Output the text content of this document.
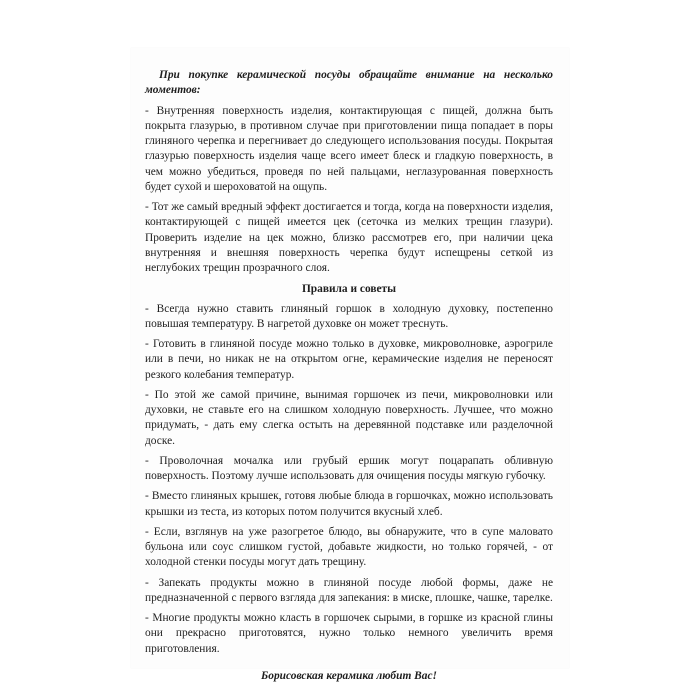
При покупке керамической посуды обращайте внимание на несколько моментов:

- Внутренняя поверхность изделия, контактирующая с пищей, должна быть покрыта глазурью, в противном случае при приготовлении пища попадает в поры глиняного черепка и перегнивает до следующего использования посуды. Покрытая глазурью поверхность изделия чаще всего имеет блеск и гладкую поверхность, в чем можно убедиться, проведя по ней пальцами, неглазурованная поверхность будет сухой и шероховатой на ощупь.

- Тот же самый вредный эффект достигается и тогда, когда на поверхности изделия, контактирующей с пищей имеется цек (сеточка из мелких трещин глазури). Проверить изделие на цек можно, близко рассмотрев его, при наличии цека внутренняя и внешняя поверхность черепка будут испещрены сеткой из неглубоких трещин прозрачного слоя.

Правила и советы

- Всегда нужно ставить глиняный горшок в холодную духовку, постепенно повышая температуру. В нагретой духовке он может треснуть.

- Готовить в глиняной посуде можно только в духовке, микроволновке, аэрогриле или в печи, но никак не на открытом огне, керамические изделия не переносят резкого колебания температур.

- По этой же самой причине, вынимая горшочек из печи, микроволновки или духовки, не ставьте его на слишком холодную поверхность. Лучшее, что можно придумать, - дать ему слегка остыть на деревянной подставке или разделочной доске.

- Проволочная мочалка или грубый ершик могут поцарапать обливную поверхность. Поэтому лучше использовать для очищения посуды мягкую губочку.

- Вместо глиняных крышек, готовя любые блюда в горшочках, можно использовать крышки из теста, из которых потом получится вкусный хлеб.

- Если, взглянув на уже разогретое блюдо, вы обнаружите, что в супе маловато бульона или соус слишком густой, добавьте жидкости, но только горячей, - от холодной стенки посуды могут дать трещину.

- Запекать продукты можно в глиняной посуде любой формы, даже не предназначенной с первого взгляда для запекания: в миске, плошке, чашке, тарелке.

- Многие продукты можно класть в горшочек сырыми, в горшке из красной глины они прекрасно приготовятся, нужно только немного увеличить время приготовления.

Борисовская керамика любит Вас!
